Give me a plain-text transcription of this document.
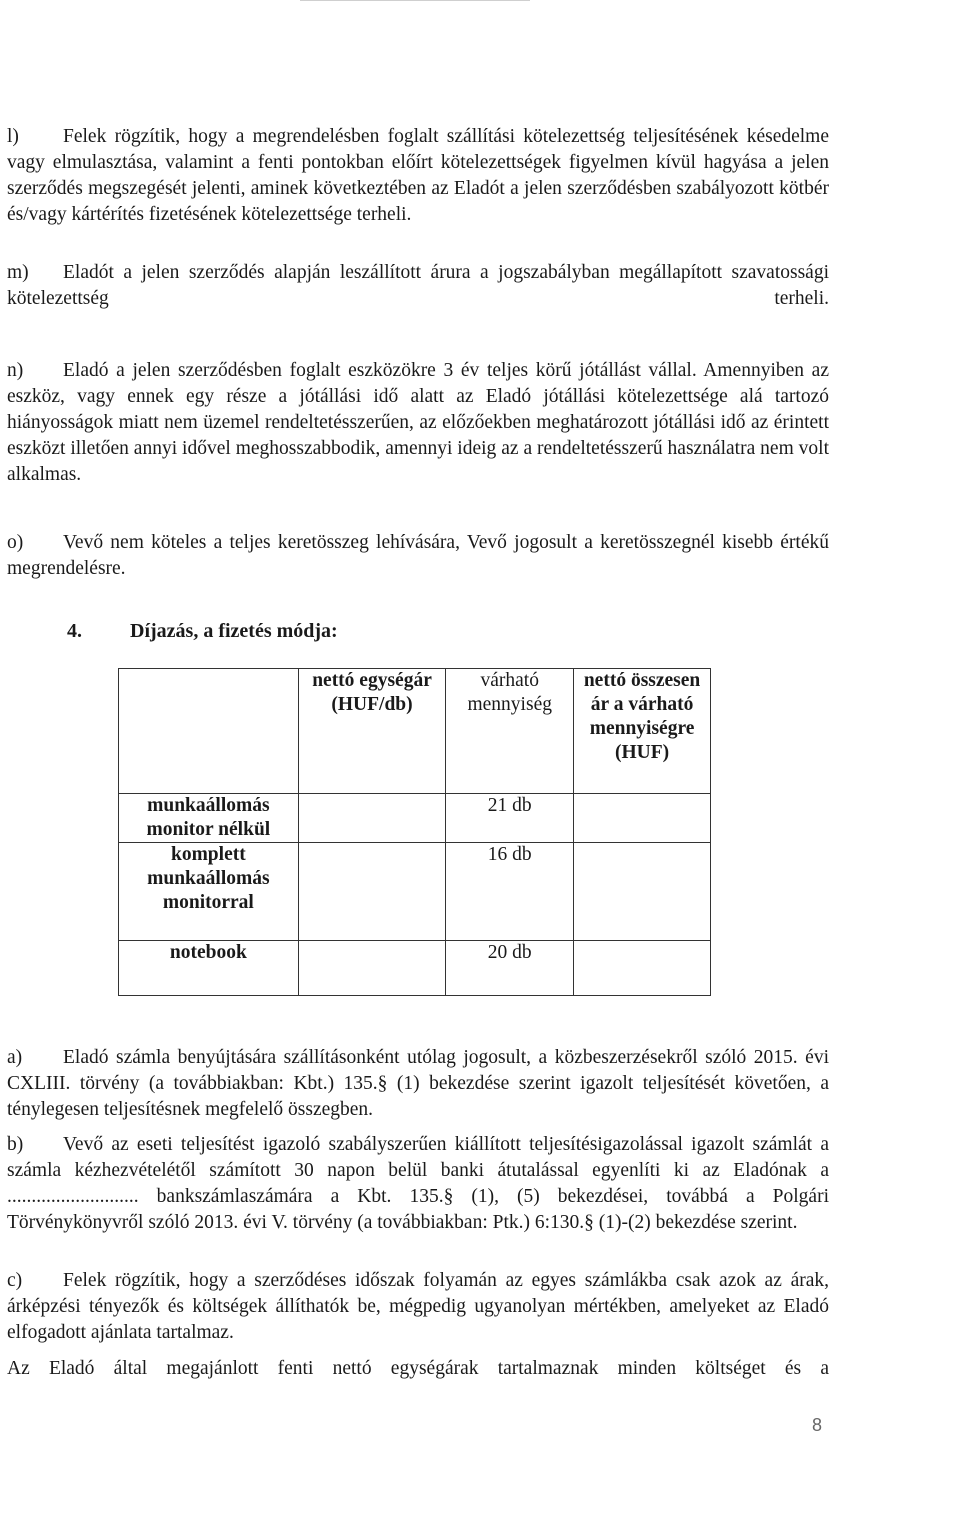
l) Felek rögzítik, hogy a megrendelésben foglalt szállítási kötelezettség teljesítésének késedelme vagy elmulasztása, valamint a fenti pontokban előírt kötelezettségek figyelmen kívül hagyása a jelen szerződés megszegését jelenti, aminek következtében az Eladót a jelen szerződésben szabályozott kötbér és/vagy kártérítés fizetésének kötelezettsége terheli.
m) Eladót a jelen szerződés alapján leszállított árura a jogszabályban megállapított szavatossági kötelezettség terheli.
n) Eladó a jelen szerződésben foglalt eszközökre 3 év teljes körű jótállást vállal. Amennyiben az eszköz, vagy ennek egy része a jótállási idő alatt az Eladó jótállási kötelezettsége alá tartozó hiányosságok miatt nem üzemel rendeltetésszerűen, az előzőekben meghatározott jótállási idő az érintett eszközt illetően annyi idővel meghosszabbodik, amennyi ideig az a rendeltetésszerű használatra nem volt alkalmas.
o) Vevő nem köteles a teljes keretösszeg lehívására, Vevő jogosult a keretösszegnél kisebb értékű megrendelésre.
4. Díjazás, a fizetés módja:
	nettó egységár (HUF/db)	várható mennyiség	nettó összesen ár a várható mennyiségre (HUF)
munkaállomás monitor nélkül		21 db	
komplett munkaállomás monitorral		16 db	
notebook		20 db	
a) Eladó számla benyújtására szállításonként utólag jogosult, a közbeszerzésekről szóló 2015. évi CXLIII. törvény (a továbbiakban: Kbt.) 135.§ (1) bekezdése szerint igazolt teljesítését követően, a ténylegesen teljesítésnek megfelelő összegben.
b) Vevő az eseti teljesítést igazoló szabályszerűen kiállított teljesítésigazolással igazolt számlát a számla kézhezvételétől számított 30 napon belül banki átutalással egyenlíti ki az Eladónak a ........................... bankszámlaszámára a Kbt. 135.§ (1), (5) bekezdései, továbbá a Polgári Törvénykönyvről szóló 2013. évi V. törvény (a továbbiakban: Ptk.) 6:130.§ (1)-(2) bekezdése szerint.
c) Felek rögzítik, hogy a szerződéses időszak folyamán az egyes számlákba csak azok az árak, árképzési tényezők és költségek állíthatók be, mégpedig ugyanolyan mértékben, amelyeket az Eladó elfogadott ajánlata tartalmaz.
Az Eladó által megajánlott fenti nettó egységárak tartalmaznak minden költséget és a
8
